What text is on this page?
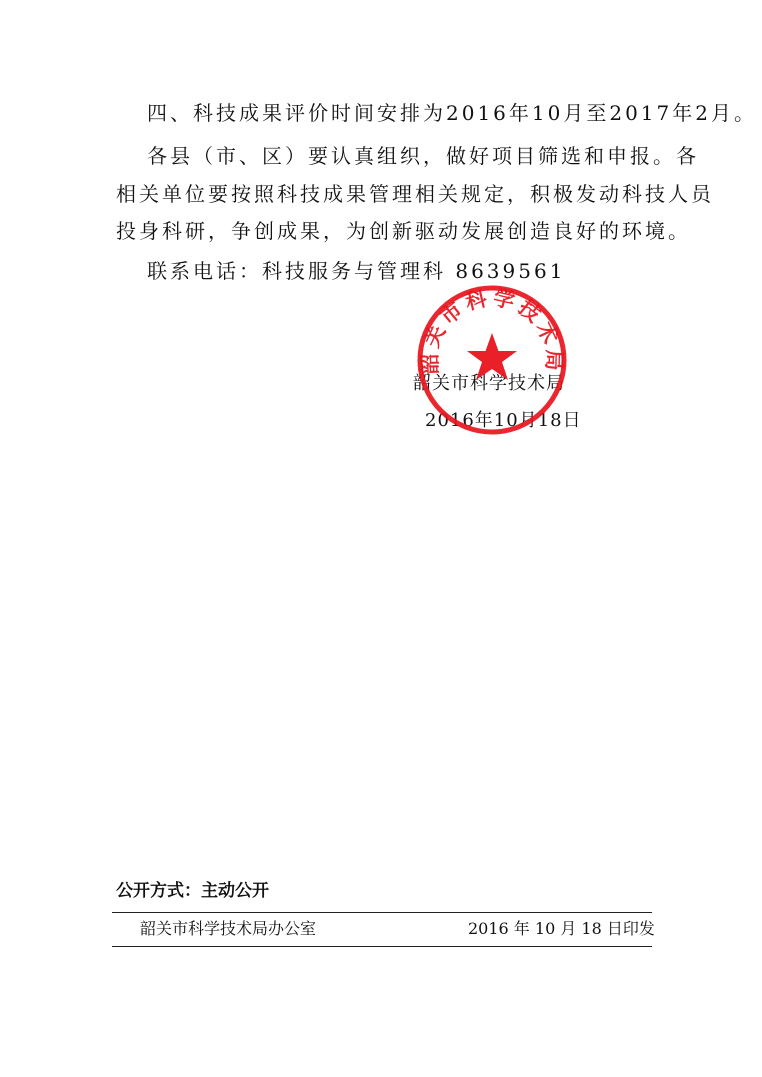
四、科技成果评价时间安排为2016年10月至2017年2月。
各县（市、区）要认真组织，做好项目筛选和申报。各
相关单位要按照科技成果管理相关规定，积极发动科技人员
投身科研，争创成果，为创新驱动发展创造良好的环境。
联系电话：科技服务与管理科 8639561
韶关市科学技术局
2016年10月18日
韶关市科学技术局
公开方式：主动公开
韶关市科学技术局办公室	2016 年 10 月 18 日印发
